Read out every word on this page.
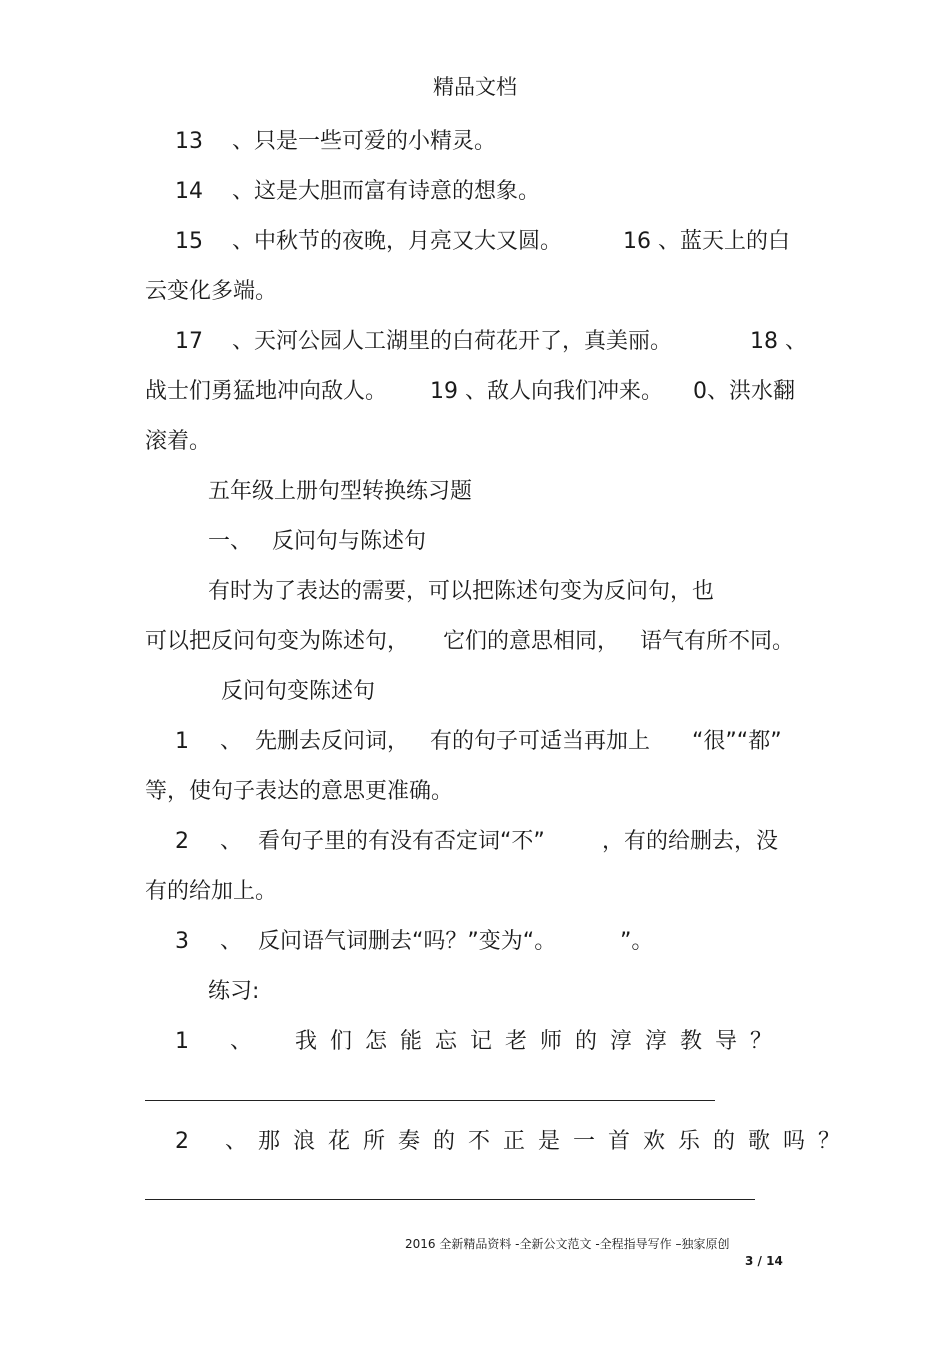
精品文档
13 、只是一些可爱的小精灵。
14 、这是大胆而富有诗意的想象。
15 、中秋节的夜晚，月亮又大又圆。	16 、蓝天上的白
云变化多端。
17 、天河公园人工湖里的白荷花开了，真美丽。	18 、
战士们勇猛地冲向敌人。 19 、敌人向我们冲来。 0、洪水翻
滚着。
五年级上册句型转换练习题
一、 反问句与陈述句
有时为了表达的需要，可以把陈述句变为反问句，也
可以把反问句变为陈述句， 它们的意思相同， 语气有所不同。
反问句变陈述句
1 、 先删去反问词， 有的句子可适当再加上 “很”“都”
等，使句子表达的意思更准确。
2 、 看句子里的有没有否定词“不”	，有的给删去，没
有的给加上。
3 、 反问语气词删去“吗？”变为“。	”。
练习:
1 、 我们怎能忘记老师的淳淳教导？
2 、 那浪花所奏的不正是一首欢乐的歌吗？
2016 全新精品资料 -全新公文范文 -全程指导写作 –独家原创
3 / 14
